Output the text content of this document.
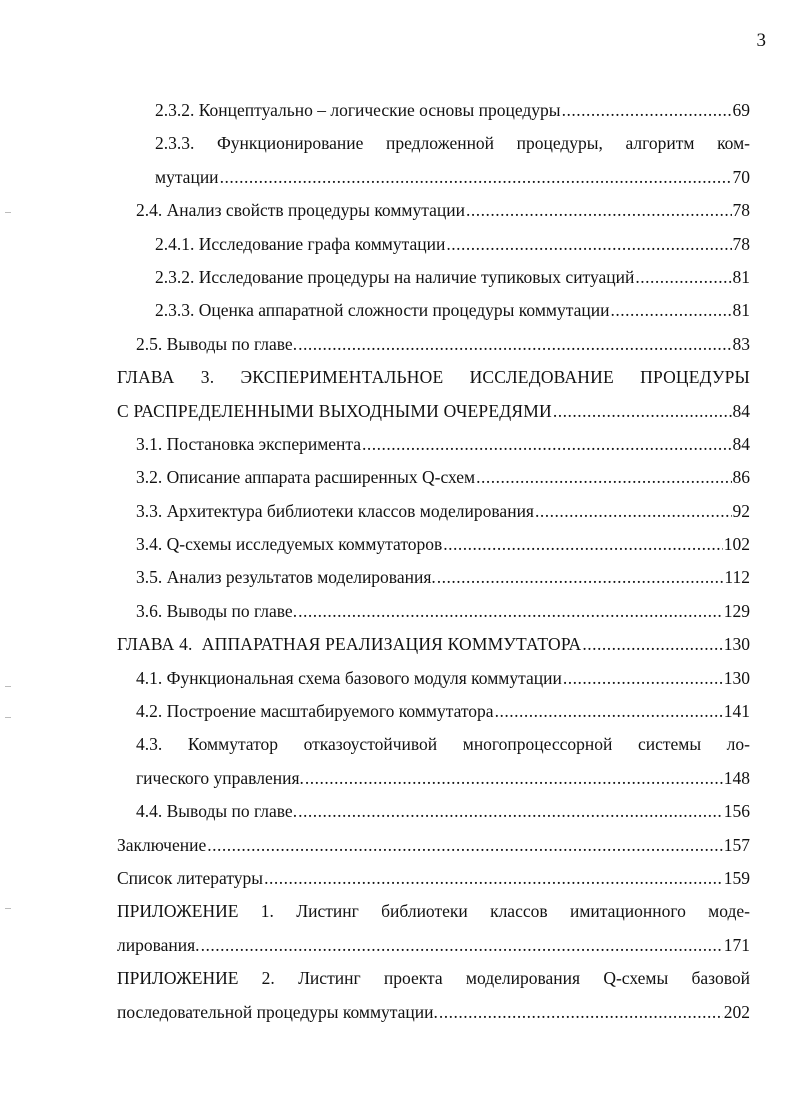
3
2.3.2. Концептуально – логические основы процедуры .....	69
2.3.3. Функционирование предложенной процедуры, алгоритм ком-
мутации .....	70
2.4. Анализ свойств процедуры коммутации .....	78
2.4.1. Исследование графа коммутации .....	78
2.3.2. Исследование процедуры на наличие тупиковых ситуаций .....	81
2.3.3. Оценка аппаратной сложности процедуры коммутации .....	81
2.5. Выводы по главе. .....	83
ГЛАВА 3. ЭКСПЕРИМЕНТАЛЬНОЕ ИССЛЕДОВАНИЕ ПРОЦЕДУРЫ
С РАСПРЕДЕЛЕННЫМИ ВЫХОДНЫМИ ОЧЕРЕДЯМИ .....	84
3.1. Постановка эксперимента .....	84
3.2. Описание аппарата расширенных Q-схем .....	86
3.3. Архитектура библиотеки классов моделирования .....	92
3.4. Q-схемы исследуемых коммутаторов .....	102
3.5. Анализ результатов моделирования. .....	112
3.6. Выводы по главе. .....	129
ГЛАВА 4.  АППАРАТНАЯ РЕАЛИЗАЦИЯ КОММУТАТОРА .....	130
4.1. Функциональная схема базового модуля коммутации .....	130
4.2. Построение масштабируемого коммутатора .....	141
4.3. Коммутатор отказоустойчивой многопроцессорной системы ло-
гического управления. .....	148
4.4. Выводы по главе. .....	156
Заключение .....	157
Список литературы .....	159
ПРИЛОЖЕНИЕ 1. Листинг библиотеки классов имитационного моде-
лирования. .....	171
ПРИЛОЖЕНИЕ 2. Листинг проекта моделирования Q-схемы базовой
последовательной процедуры коммутации. .....	202
